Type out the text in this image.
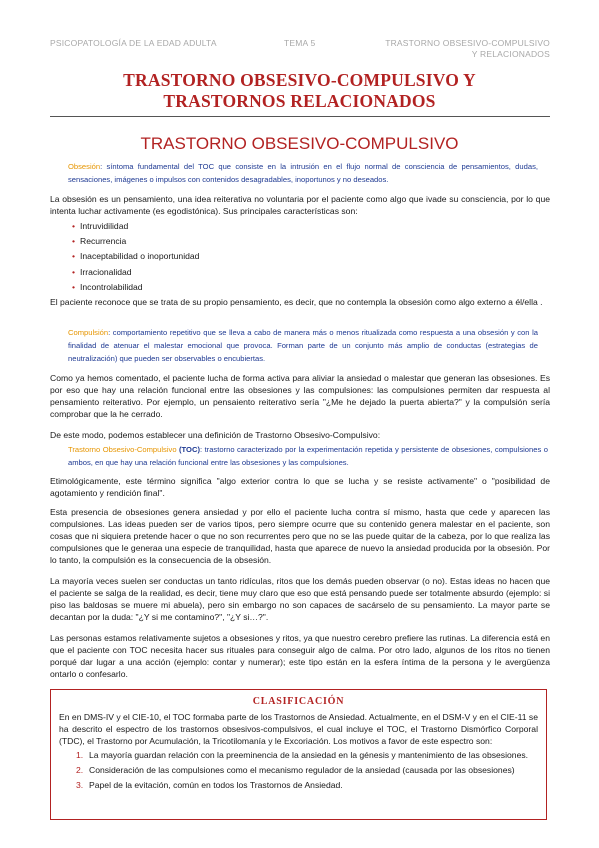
PSICOPATOLOGÍA DE LA EDAD ADULTA	TEMA 5	TRASTORNO OBSESIVO-COMPULSIVO
Y RELACIONADOS
TRASTORNO OBSESIVO-COMPULSIVO Y
TRASTORNOS RELACIONADOS
TRASTORNO OBSESIVO-COMPULSIVO

Obsesión: síntoma fundamental del TOC que consiste en la intrusión en el flujo normal de consciencia de pensamientos, dudas, sensaciones, imágenes o impulsos con contenidos desagradables, inoportunos y no deseados.

La obsesión es un pensamiento, una idea reiterativa no voluntaria por el paciente como algo que ivade su consciencia, por lo que intenta luchar activamente (es egodistónica). Sus principales características son:

• Intruvidilidad
• Recurrencia
• Inaceptabilidad o inoportunidad
• Irracionalidad
• Incontrolabilidad

El paciente reconoce que se trata de su propio pensamiento, es decir, que no contempla la obsesión como algo externo a él/ella .

Compulsión: comportamiento repetitivo que se lleva a cabo de manera más o menos ritualizada como respuesta a una obsesión y con la finalidad de atenuar el malestar emocional que provoca. Forman parte de un conjunto más amplio de conductas (estrategias de neutralización) que pueden ser observables o encubiertas.

Como ya hemos comentado, el paciente lucha de forma activa para aliviar la ansiedad o malestar que generan las obsesiones. Es por eso que hay una relación funcional entre las obsesiones y las compulsiones: las compulsiones permiten dar respuesta al pensamiento reiterativo. Por ejemplo, un pensaiento reiterativo sería "¿Me he dejado la puerta abierta?" y la compulsión sería comprobar que la he cerrado.

De este modo, podemos establecer una definición de Trastorno Obsesivo-Compulsivo:

Trastorno Obsesivo-Compulsivo (TOC): trastorno caracterizado por la experimentación repetida y persistente de obsesiones, compulsiones o ambos, en que hay una relación funcional entre las obsesiones y las compulsiones.

Etimológicamente, este término significa "algo exterior contra lo que se lucha y se resiste activamente" o "posibilidad de agotamiento y rendición final".

Esta presencia de obsesiones genera ansiedad y por ello el paciente lucha contra sí mismo, hasta que cede y aparecen las compulsiones. Las ideas pueden ser de varios tipos, pero siempre ocurre que su contenido genera malestar en el paciente, son cosas que ni siquiera pretende hacer o que no son recurrentes pero que no se las puede quitar de la cabeza, por lo que realiza las compulsiones que le generaa una especie de tranquilidad, hasta que aparece de nuevo la ansiedad producida por la obsesión. Por lo tanto, la compulsión es la consecuencia de la obsesión.

La mayoría veces suelen ser conductas un tanto ridículas, ritos que los demás pueden observar (o no). Estas ideas no hacen que el paciente se salga de la realidad, es decir, tiene muy claro que eso que está pensando puede ser totalmente absurdo (ejemplo: si piso las baldosas se muere mi abuela), pero sin embargo no son capaces de sacárselo de su pensamiento. La mayor parte se decantan por la duda: "¿Y si me contamino?", "¿Y si…?".

Las personas estamos relativamente sujetos a obsesiones y ritos, ya que nuestro cerebro prefiere las rutinas. La diferencia está en que el paciente con TOC necesita hacer sus rituales para conseguir algo de calma. Por otro lado, algunos de los ritos no tienen porqué dar lugar a una acción (ejemplo: contar y numerar); este tipo están en la esfera íntima de la persona y le avergüenza ontarlo o confesarlo.

CLASIFICACIÓN
En en DMS-IV y el CIE-10, el TOC formaba parte de los Trastornos de Ansiedad. Actualmente, en el DSM-V y en el CIE-11 se ha descrito el espectro de los trastornos obsesivos-compulsivos, el cual incluye el TOC, el Trastorno Dismórfico Corporal (TDC), el Trastorno por Acumulación, la Tricotilomanía y le Excoriación. Los motivos a favor de este espectro son:
1. La mayoría guardan relación con la preeminencia de la ansiedad en la génesis y mantenimiento de las obsesiones.
2. Consideración de las compulsiones como el mecanismo regulador de la ansiedad (causada por las obsesiones)
3. Papel de la evitación, común en todos los Trastornos de Ansiedad.
